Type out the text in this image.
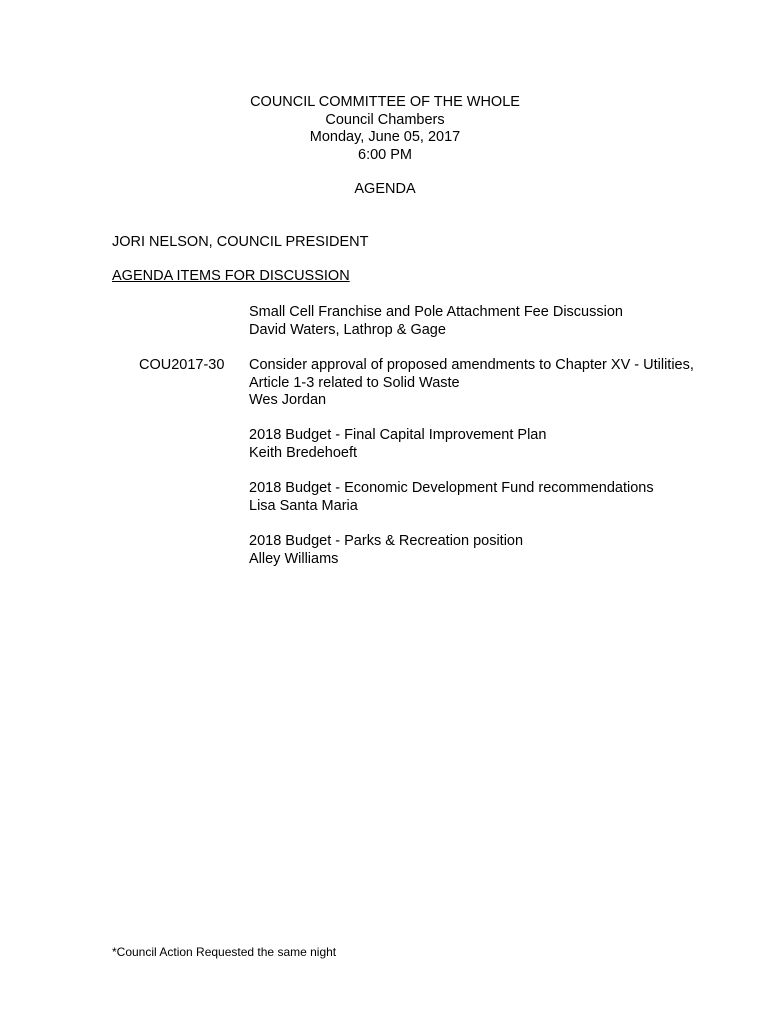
COUNCIL COMMITTEE OF THE WHOLE
Council Chambers
Monday, June 05, 2017
6:00 PM
AGENDA
JORI NELSON, COUNCIL PRESIDENT
AGENDA ITEMS FOR DISCUSSION
Small Cell Franchise and Pole Attachment Fee Discussion
David Waters, Lathrop & Gage
COU2017-30 Consider approval of proposed amendments to Chapter XV - Utilities,
Article 1-3 related to Solid Waste
Wes Jordan
2018 Budget - Final Capital Improvement Plan
Keith Bredehoeft
2018 Budget - Economic Development Fund recommendations
Lisa Santa Maria
2018 Budget - Parks & Recreation position
Alley Williams
*Council Action Requested the same night
